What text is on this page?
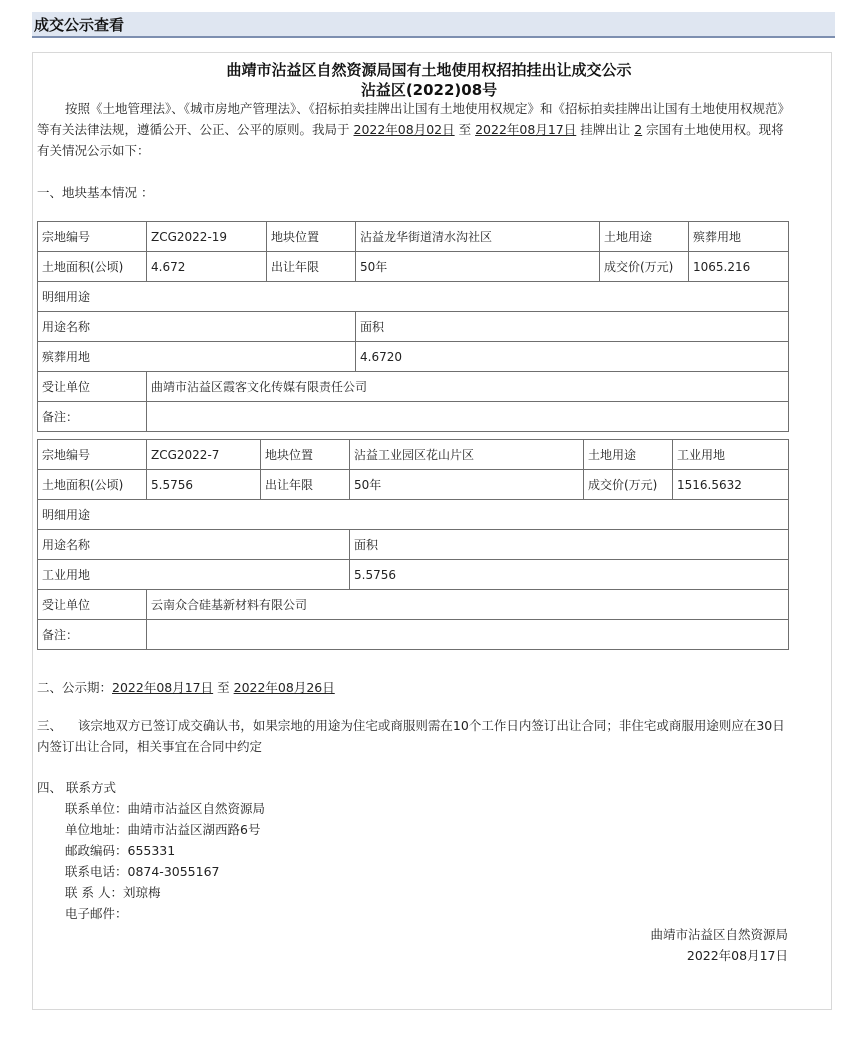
成交公示查看
曲靖市沾益区自然资源局国有土地使用权招拍挂出让成交公示
沾益区(2022)08号
按照《土地管理法》、《城市房地产管理法》、《招标拍卖挂牌出让国有土地使用权规定》和《招标拍卖挂牌出让国有土地使用权规范》等有关法律法规，遵循公开、公正、公平的原则。我局于 2022年08月02日 至 2022年08月17日 挂牌出让 2 宗国有土地使用权。现将有关情况公示如下：
一、地块基本情况 ：
宗地编号	ZCG2022-19	地块位置	沾益龙华街道清水沟社区	土地用途	殡葬用地
土地面积(公顷)	4.672	出让年限	50年	成交价(万元)	1065.216
明细用途					
用途名称			面积		
殡葬用地			4.6720		
受让单位	曲靖市沾益区霞客文化传媒有限责任公司				
备注：					
宗地编号	ZCG2022-7	地块位置	沾益工业园区花山片区	土地用途	工业用地
土地面积(公顷)	5.5756	出让年限	50年	成交价(万元)	1516.5632
明细用途					
用途名称			面积		
工业用地			5.5756		
受让单位	云南众合硅基新材料有限公司				
备注：					
二、公示期：2022年08月17日 至 2022年08月26日
三、 该宗地双方已签订成交确认书，如果宗地的用途为住宅或商服则需在10个工作日内签订出让合同；非住宅或商服用途则应在30日内签订出让合同，相关事宜在合同中约定
四、 联系方式
联系单位：曲靖市沾益区自然资源局
单位地址：曲靖市沾益区湖西路6号
邮政编码：655331
联系电话：0874-3055167
联 系 人：刘琼梅
电子邮件：
曲靖市沾益区自然资源局
2022年08月17日
